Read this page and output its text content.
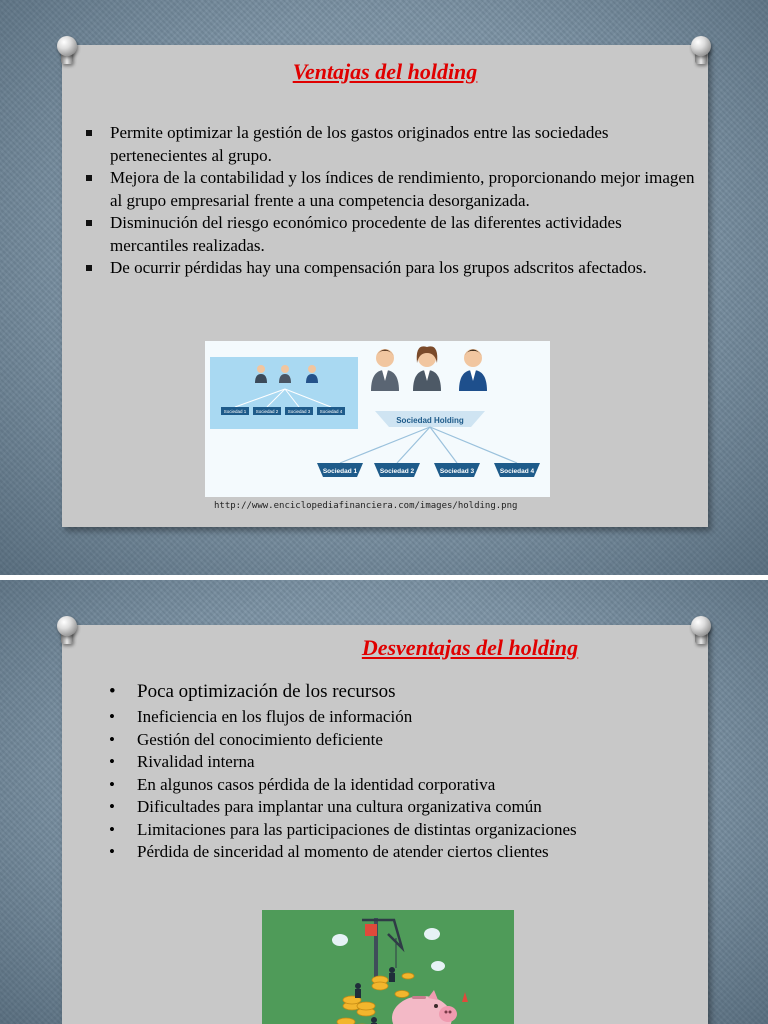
Ventajas del holding
Permite optimizar la gestión de los gastos originados entre las sociedades pertenecientes al grupo.
Mejora de la contabilidad y los índices de rendimiento, proporcionando mejor imagen al grupo empresarial frente a una competencia desorganizada.
Disminución del riesgo económico procedente de las diferentes actividades mercantiles realizadas.
De ocurrir pérdidas hay una compensación para los grupos adscritos afectados.
Sociedad 1 Sociedad 2 Sociedad 3 Sociedad 4
Sociedad Holding
Sociedad 1	Sociedad 2	Sociedad 3	Sociedad 4
http://www.enciclopediafinanciera.com/images/holding.png
Desventajas del holding
• Poca optimización de los recursos
• Ineficiencia en los flujos de información
• Gestión del conocimiento deficiente
• Rivalidad interna
• En algunos casos pérdida de la identidad corporativa
• Dificultades para implantar una cultura organizativa común
• Limitaciones para las participaciones de distintas organizaciones
• Pérdida de sinceridad al momento de atender ciertos clientes
